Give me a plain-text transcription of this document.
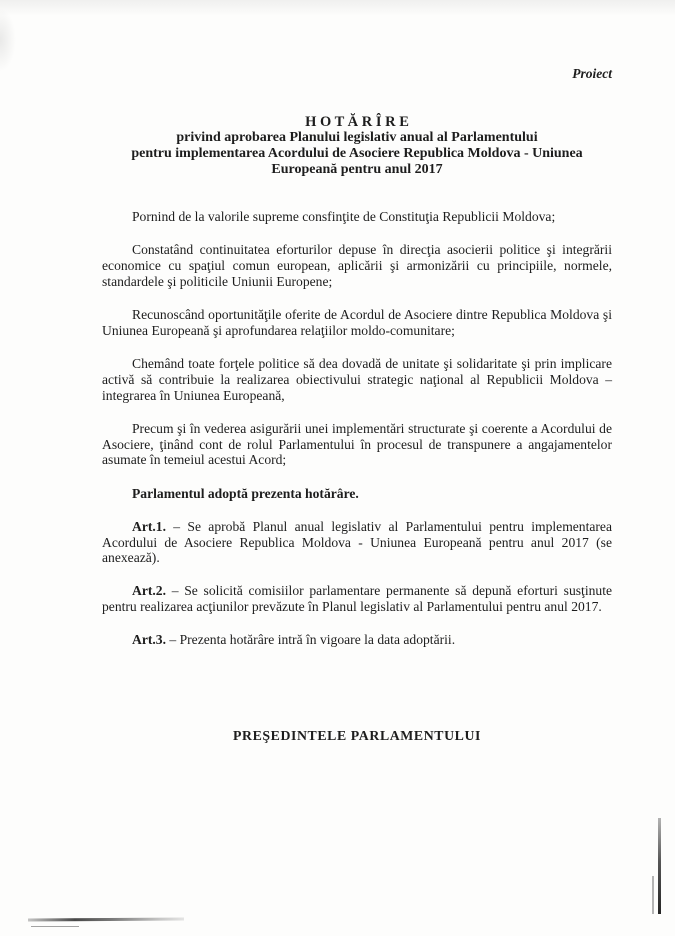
Proiect
H O T Ă R Î R E
privind aprobarea Planului legislativ anual al Parlamentului
pentru implementarea Acordului de Asociere Republica Moldova - Uniunea
Europeană pentru anul 2017

Pornind de la valorile supreme consfinţite de Constituţia Republicii Moldova;

Constatând continuitatea eforturilor depuse în direcţia asocierii politice şi integrării economice cu spaţiul comun european, aplicării şi armonizării cu principiile, normele, standardele şi politicile Uniunii Europene;

Recunoscând oportunităţile oferite de Acordul de Asociere dintre Republica Moldova şi Uniunea Europeană şi aprofundarea relaţiilor moldo-comunitare;

Chemând toate forţele politice să dea dovadă de unitate şi solidaritate şi prin implicare activă să contribuie la realizarea obiectivului strategic naţional al Republicii Moldova – integrarea în Uniunea Europeană,

Precum şi în vederea asigurării unei implementări structurate şi coerente a Acordului de Asociere, ţinând cont de rolul Parlamentului în procesul de transpunere a angajamentelor asumate în temeiul acestui Acord;

Parlamentul adoptă prezenta hotărâre.

Art.1. – Se aprobă Planul anual legislativ al Parlamentului pentru implementarea Acordului de Asociere Republica Moldova - Uniunea Europeană pentru anul 2017 (se anexează).

Art.2. – Se solicită comisiilor parlamentare permanente să depună eforturi susţinute pentru realizarea acţiunilor prevăzute în Planul legislativ al Parlamentului pentru anul 2017.

Art.3. – Prezenta hotărâre intră în vigoare la data adoptării.

PREŞEDINTELE PARLAMENTULUI
